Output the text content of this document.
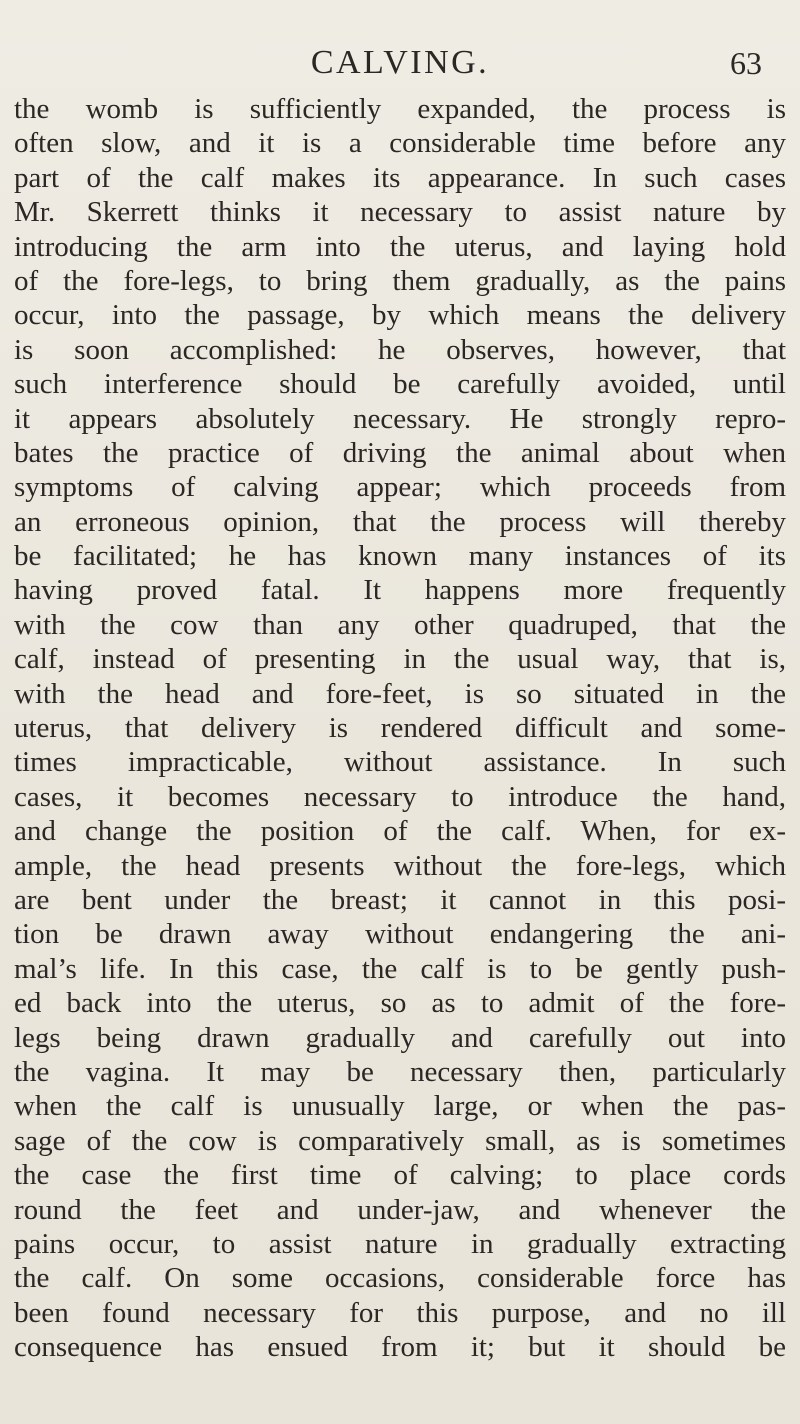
CALVING.	63
the womb is sufficiently expanded, the process is
often slow, and it is a considerable time before any
part of the calf makes its appearance. In such cases
Mr. Skerrett thinks it necessary to assist nature by
introducing the arm into the uterus, and laying hold
of the fore-legs, to bring them gradually, as the pains
occur, into the passage, by which means the delivery
is soon accomplished: he observes, however, that
such interference should be carefully avoided, until
it appears absolutely necessary. He strongly repro-
bates the practice of driving the animal about when
symptoms of calving appear; which proceeds from
an erroneous opinion, that the process will thereby
be facilitated; he has known many instances of its
having proved fatal. It happens more frequently
with the cow than any other quadruped, that the
calf, instead of presenting in the usual way, that is,
with the head and fore-feet, is so situated in the
uterus, that delivery is rendered difficult and some-
times impracticable, without assistance. In such
cases, it becomes necessary to introduce the hand,
and change the position of the calf. When, for ex-
ample, the head presents without the fore-legs, which
are bent under the breast; it cannot in this posi-
tion be drawn away without endangering the ani-
mal’s life. In this case, the calf is to be gently push-
ed back into the uterus, so as to admit of the fore-
legs being drawn gradually and carefully out into
the vagina. It may be necessary then, particularly
when the calf is unusually large, or when the pas-
sage of the cow is comparatively small, as is sometimes
the case the first time of calving; to place cords
round the feet and under-jaw, and whenever the
pains occur, to assist nature in gradually extracting
the calf. On some occasions, considerable force has
been found necessary for this purpose, and no ill
consequence has ensued from it; but it should be
